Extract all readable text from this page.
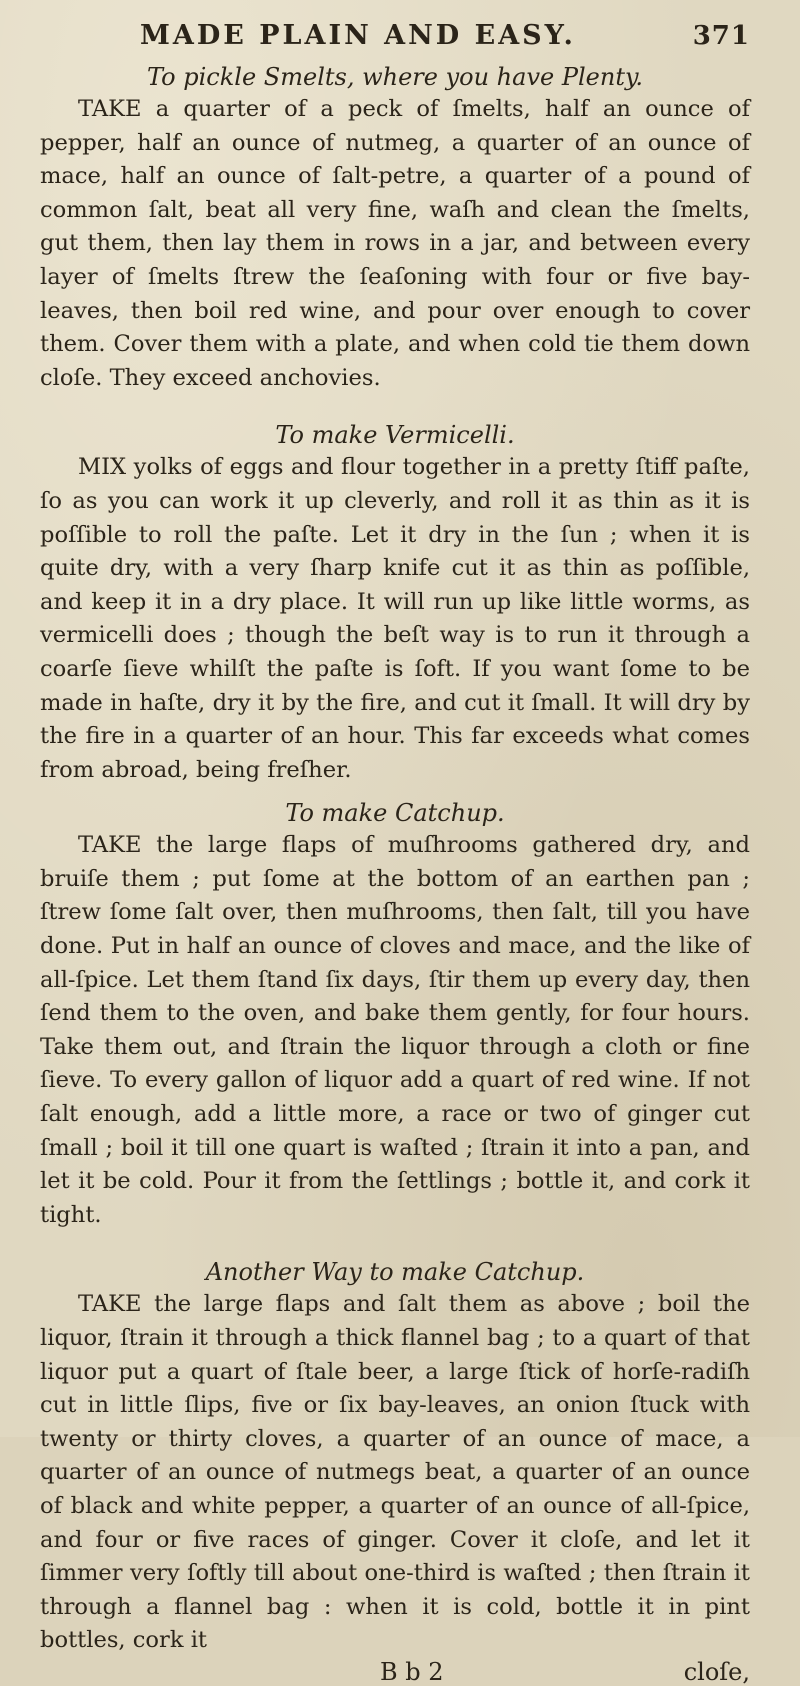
MADE PLAIN AND EASY.	371
To pickle Smelts, where you have Plenty.

TAKE a quarter of a peck of ſmelts, half an ounce of pepper, half an ounce of nutmeg, a quarter of an ounce of mace, half an ounce of ſalt-petre, a quarter of a pound of common ſalt, beat all very fine, waſh and clean the ſmelts, gut them, then lay them in rows in a jar, and between every layer of ſmelts ſtrew the ſeaſoning with four or five bay-leaves, then boil red wine, and pour over enough to cover them. Cover them with a plate, and when cold tie them down cloſe. They exceed anchovies.

To make Vermicelli.

MIX yolks of eggs and flour together in a pretty ſtiff paſte, ſo as you can work it up cleverly, and roll it as thin as it is poſſible to roll the paſte. Let it dry in the ſun ; when it is quite dry, with a very ſharp knife cut it as thin as poſſible, and keep it in a dry place. It will run up like little worms, as vermicelli does ; though the beſt way is to run it through a coarſe ſieve whilſt the paſte is ſoft. If you want ſome to be made in haſte, dry it by the fire, and cut it ſmall. It will dry by the fire in a quarter of an hour. This far exceeds what comes from abroad, being freſher.

To make Catchup.

TAKE the large flaps of muſhrooms gathered dry, and bruiſe them ; put ſome at the bottom of an earthen pan ; ſtrew ſome ſalt over, then muſhrooms, then ſalt, till you have done. Put in half an ounce of cloves and mace, and the like of all-ſpice. Let them ſtand ſix days, ſtir them up every day, then ſend them to the oven, and bake them gently, for four hours. Take them out, and ſtrain the liquor through a cloth or fine ſieve. To every gallon of liquor add a quart of red wine. If not ſalt enough, add a little more, a race or two of ginger cut ſmall ; boil it till one quart is waſted ; ſtrain it into a pan, and let it be cold. Pour it from the ſettlings ; bottle it, and cork it tight.

Another Way to make Catchup.

TAKE the large flaps and ſalt them as above ; boil the liquor, ſtrain it through a thick flannel bag ; to a quart of that liquor put a quart of ſtale beer, a large ſtick of horſe-radiſh cut in little ſlips, five or ſix bay-leaves, an onion ſtuck with twenty or thirty cloves, a quarter of an ounce of mace, a quarter of an ounce of nutmegs beat, a quarter of an ounce of black and white pepper, a quarter of an ounce of all-ſpice, and four or five races of ginger. Cover it cloſe, and let it ſimmer very ſoftly till about one-third is waſted ; then ſtrain it through a flannel bag : when it is cold, bottle it in pint bottles, cork it

B b 2	cloſe,
